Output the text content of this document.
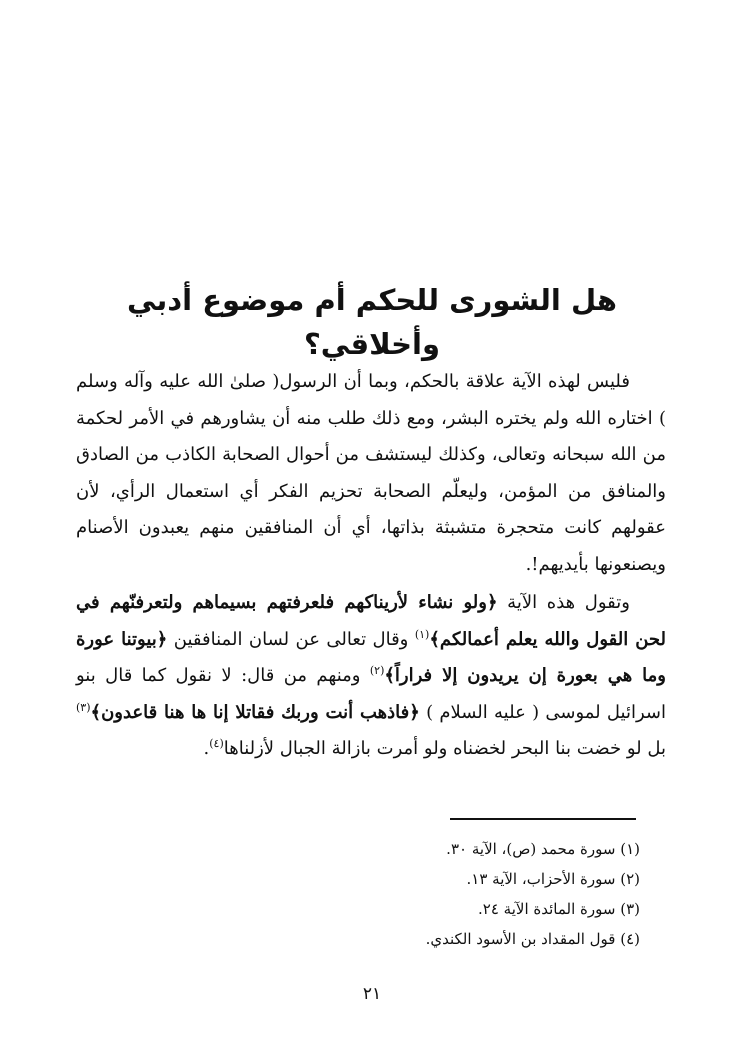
هل الشورى للحكم أم موضوع أدبي وأخلاقي؟

فليس لهذه الآية علاقة بالحكم، وبما أن الرسول( صلىٰ الله عليه وآله وسلم ) اختاره الله ولم يختره البشر، ومع ذلك طلب منه أن يشاورهم في الأمر لحكمة من الله سبحانه وتعالى، وكذلك ليستشف من أحوال الصحابة الكاذب من الصادق والمنافق من المؤمن، وليعلّم الصحابة تحزيم الفكر أي استعمال الرأي، لأن عقولهم كانت متحجرة متشبثة بذاتها، أي أن المنافقين منهم يعبدون الأصنام ويصنعونها بأيديهم!.

وتقول هذه الآية ﴿ولو نشاء لأريناكهم فلعرفتهم بسيماهم ولتعرفنّهم في لحن القول والله يعلم أعمالكم﴾$^{(١)}$ وقال تعالى عن لسان المنافقين ﴿بيوتنا عورة وما هي بعورة إن يريدون إلا فراراً﴾$^{(٢)}$ ومنهم من قال: لا نقول كما قال بنو اسرائيل لموسى ( عليه السلام ) ﴿فاذهب أنت وربك فقاتلا إنا ها هنا قاعدون﴾$^{(٣)}$ بل لو خضت بنا البحر لخضناه ولو أمرت بازالة الجبال لأزلناها$^{(٤)}$.

(١) سورة محمد (ص)، الآية ٣٠.
(٢) سورة الأحزاب، الآية ١٣.
(٣) سورة المائدة الآية ٢٤.
(٤) قول المقداد بن الأسود الكندي.
٢١
